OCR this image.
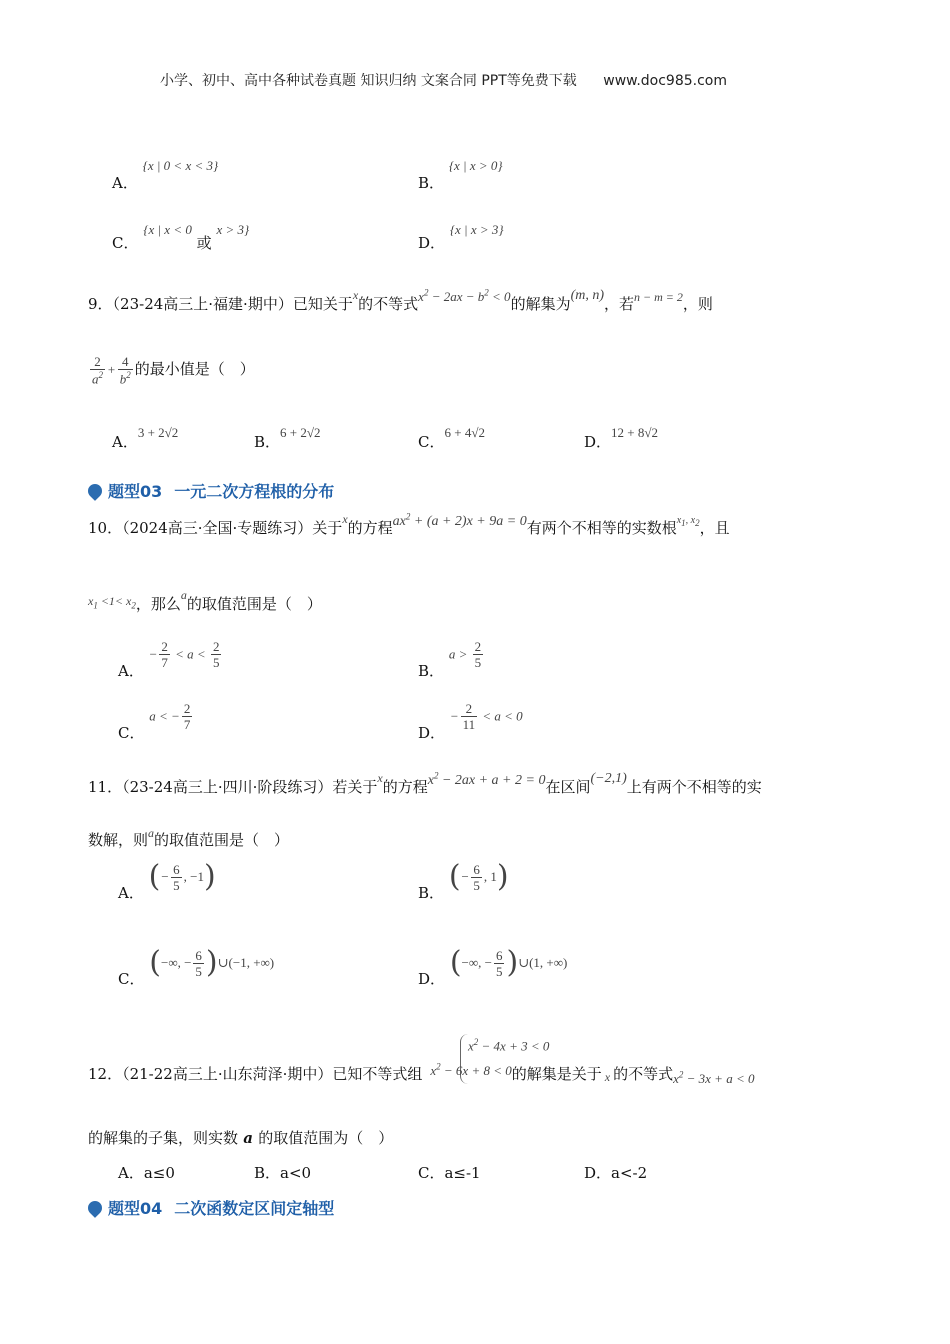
小学、初中、高中各种试卷真题 知识归纳 文案合同 PPT等免费下载 www.doc985.com
A． {x | 0 < x < 3}
B． {x | x > 0}
C． {x | x < 0 或 x > 3}
D． {x | x > 3}
9．（23-24高三上·福建·期中）已知关于$^x$的不等式$x^2 - 2ax - b^2 < 0$的解集为(m, n)，若$^{n - m = 2}$，则
$\frac{2}{a^2} + \frac{4}{b^2}$ 的最小值是（　）
A．3 + 2√2
B．6 + 2√2
C．6 + 4√2
D．12 + 8√2
题型03 一元二次方程根的分布
10．（2024高三·全国·专题练习）关于$^x$的方程$ax^2 + (a + 2)x + 9a = 0$有两个不相等的实数根$^{x_1, x_2}$，且
$^{x_1 <1< x_2}$，那么$^a$的取值范围是（　）
A． − $\frac{2}{7} < a < \frac{2}{5}$
B． $a > \frac{2}{5}$
C． a < − $\frac{2}{7}$
D． − $\frac{2}{11} < a < 0$
11．（23-24高三上·四川·阶段练习）若关于$^x$的方程$x^2 - 2ax + a + 2 = 0$在区间(−2,1)上有两个不相等的实
数解，则$^a$的取值范围是（　）
A． (− $\frac{6}{5}$ , −1)	B． (− $\frac{6}{5}$ , 1)
C． (−∞, − $\frac{6}{5}$ )∪(−1, +∞)
D． (−∞, − $\frac{6}{5}$ )∪(1, +∞)
$x^2 - 4x + 3 < 0$
12．（21-22高三上·山东菏泽·期中）已知不等式组 $x^2 - 6x + 8 < 0$的解集是关于 x 的不等式$x^2 - 3x + a < 0$
的解集的子集，则实数 a 的取值范围为（　）
A．a≤0	B．a<0	C．a≤-1	D．a<-2
题型04 二次函数定区间定轴型
